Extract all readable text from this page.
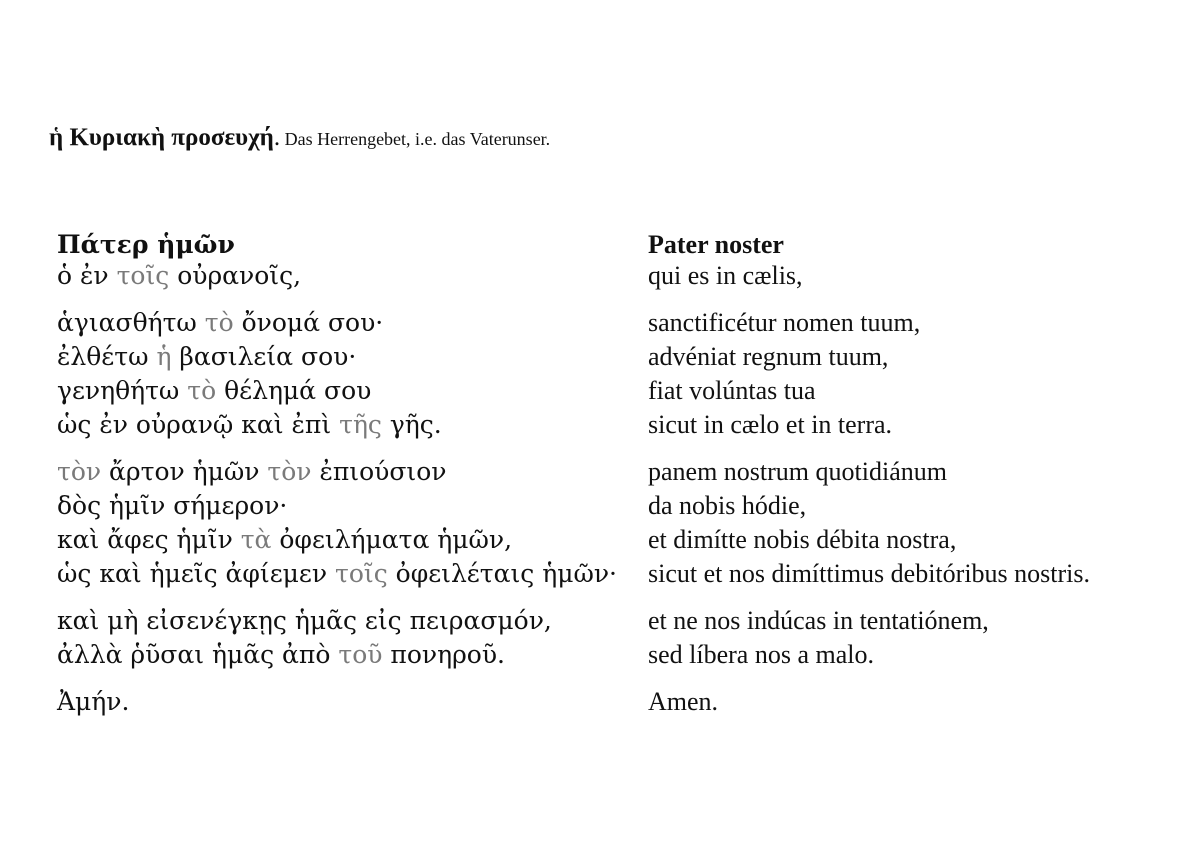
ἡ Κυριακὴ προσευχή. Das Herrengebet, i.e. das Vaterunser.
Πάτερ ἡμῶν
ὁ ἐν τοῖς οὐρανοῖς,
ἁγιασθήτω τὸ ὄνομά σου·
ἐλθέτω ἡ βασιλεία σου·
γενηθήτω τὸ θέλημά σου
ὡς ἐν οὐρανῷ καὶ ἐπὶ τῆς γῆς.
τὸν ἄρτον ἡμῶν τὸν ἐπιούσιον
δὸς ἡμῖν σήμερον·
καὶ ἄφες ἡμῖν τὰ ὀφειλήματα ἡμῶν,
ὡς καὶ ἡμεῖς ἀφίεμεν τοῖς ὀφειλέταις ἡμῶν·
καὶ μὴ εἰσενέγκῃς ἡμᾶς εἰς πειρασμόν,
ἀλλὰ ῥῦσαι ἡμᾶς ἀπὸ τοῦ πονηροῦ.
Ἀμήν.
Pater noster
qui es in cælis,
sanctificétur nomen tuum,
advéniat regnum tuum,
fiat volúntas tua
sicut in cælo et in terra.
panem nostrum quotidiánum
da nobis hódie,
et dimítte nobis débita nostra,
sicut et nos dimíttimus debitóribus nostris.
et ne nos indúcas in tentatiónem,
sed líbera nos a malo.
Amen.
